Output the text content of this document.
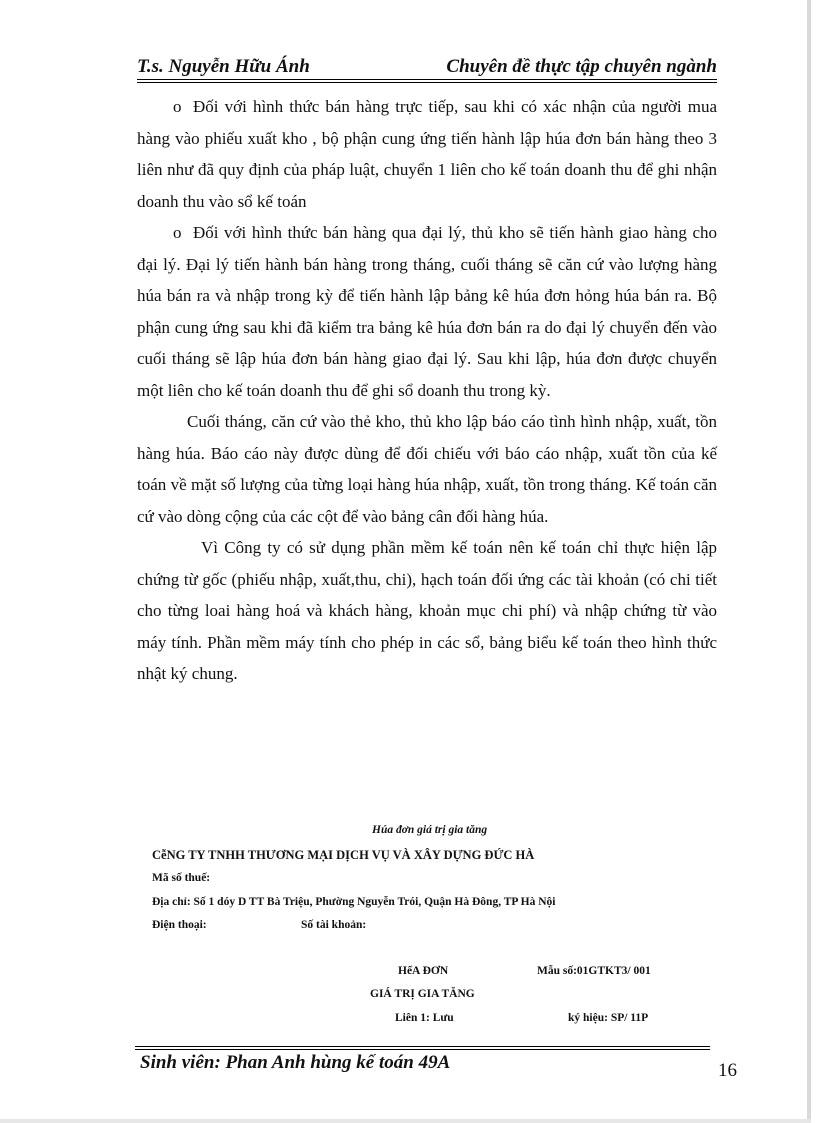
T.s. Nguyễn Hữu Ánh	Chuyên đề thực tập chuyên ngành

o Đối với hình thức bán hàng trực tiếp, sau khi có xác nhận của người mua hàng vào phiếu xuất kho , bộ phận cung ứng tiến hành lập húa đơn bán hàng theo 3 liên như đã quy định của pháp luật, chuyển 1 liên cho kế toán doanh thu để ghi nhận doanh thu vào sổ kế toán

o Đối với hình thức bán hàng qua đại lý, thủ kho sẽ tiến hành giao hàng cho đại lý. Đại lý tiến hành bán hàng trong tháng, cuối tháng sẽ căn cứ vào lượng hàng húa bán ra và nhập trong kỳ để tiến hành lập bảng kê húa đơn hỏng húa bán ra. Bộ phận cung ứng sau khi đã kiểm tra bảng kê húa đơn bán ra do đại lý chuyển đến vào cuối tháng sẽ lập húa đơn bán hàng giao đại lý. Sau khi lập, húa đơn được chuyển một liên cho kế toán doanh thu để ghi sổ doanh thu trong kỳ.

Cuối tháng, căn cứ vào thẻ kho, thủ kho lập báo cáo tình hình nhập, xuất, tồn hàng húa. Báo cáo này được dùng để đối chiếu với báo cáo nhập, xuất tồn của kế toán về mặt số lượng của từng loại hàng húa nhập, xuất, tồn trong tháng. Kế toán căn cứ vào dòng cộng của các cột để vào bảng cân đối hàng húa.

Vì Công ty có sử dụng phần mềm kế toán nên kế toán chỉ thực hiện lập chứng từ gốc (phiếu nhập, xuất,thu, chi), hạch toán đối ứng các tài khoản (có chi tiết cho từng loai hàng hoá và khách hàng, khoản mục chi phí) và nhập chứng từ vào máy tính. Phần mềm máy tính cho phép in các sổ, bảng biểu kế toán theo hình thức nhật ký chung.

Húa đơn giá trị gia tăng
CễNG TY TNHH THƯƠNG MẠI DỊCH VỤ VÀ XÂY DỰNG ĐỨC HÀ
Mã số thuế:
Địa chỉ: Số 1 dóy D TT Bà Triệu, Phường Nguyễn Trói, Quận Hà Đông, TP Hà Nội
Điện thoại:	Số tài khoản:
HểA ĐƠN	Mẫu số:01GTKT3/ 001
GIÁ TRỊ GIA TĂNG
Liên 1: Lưu	ký hiệu: SP/ 11P
Sinh viên: Phan Anh hùng kế toán 49A	16
